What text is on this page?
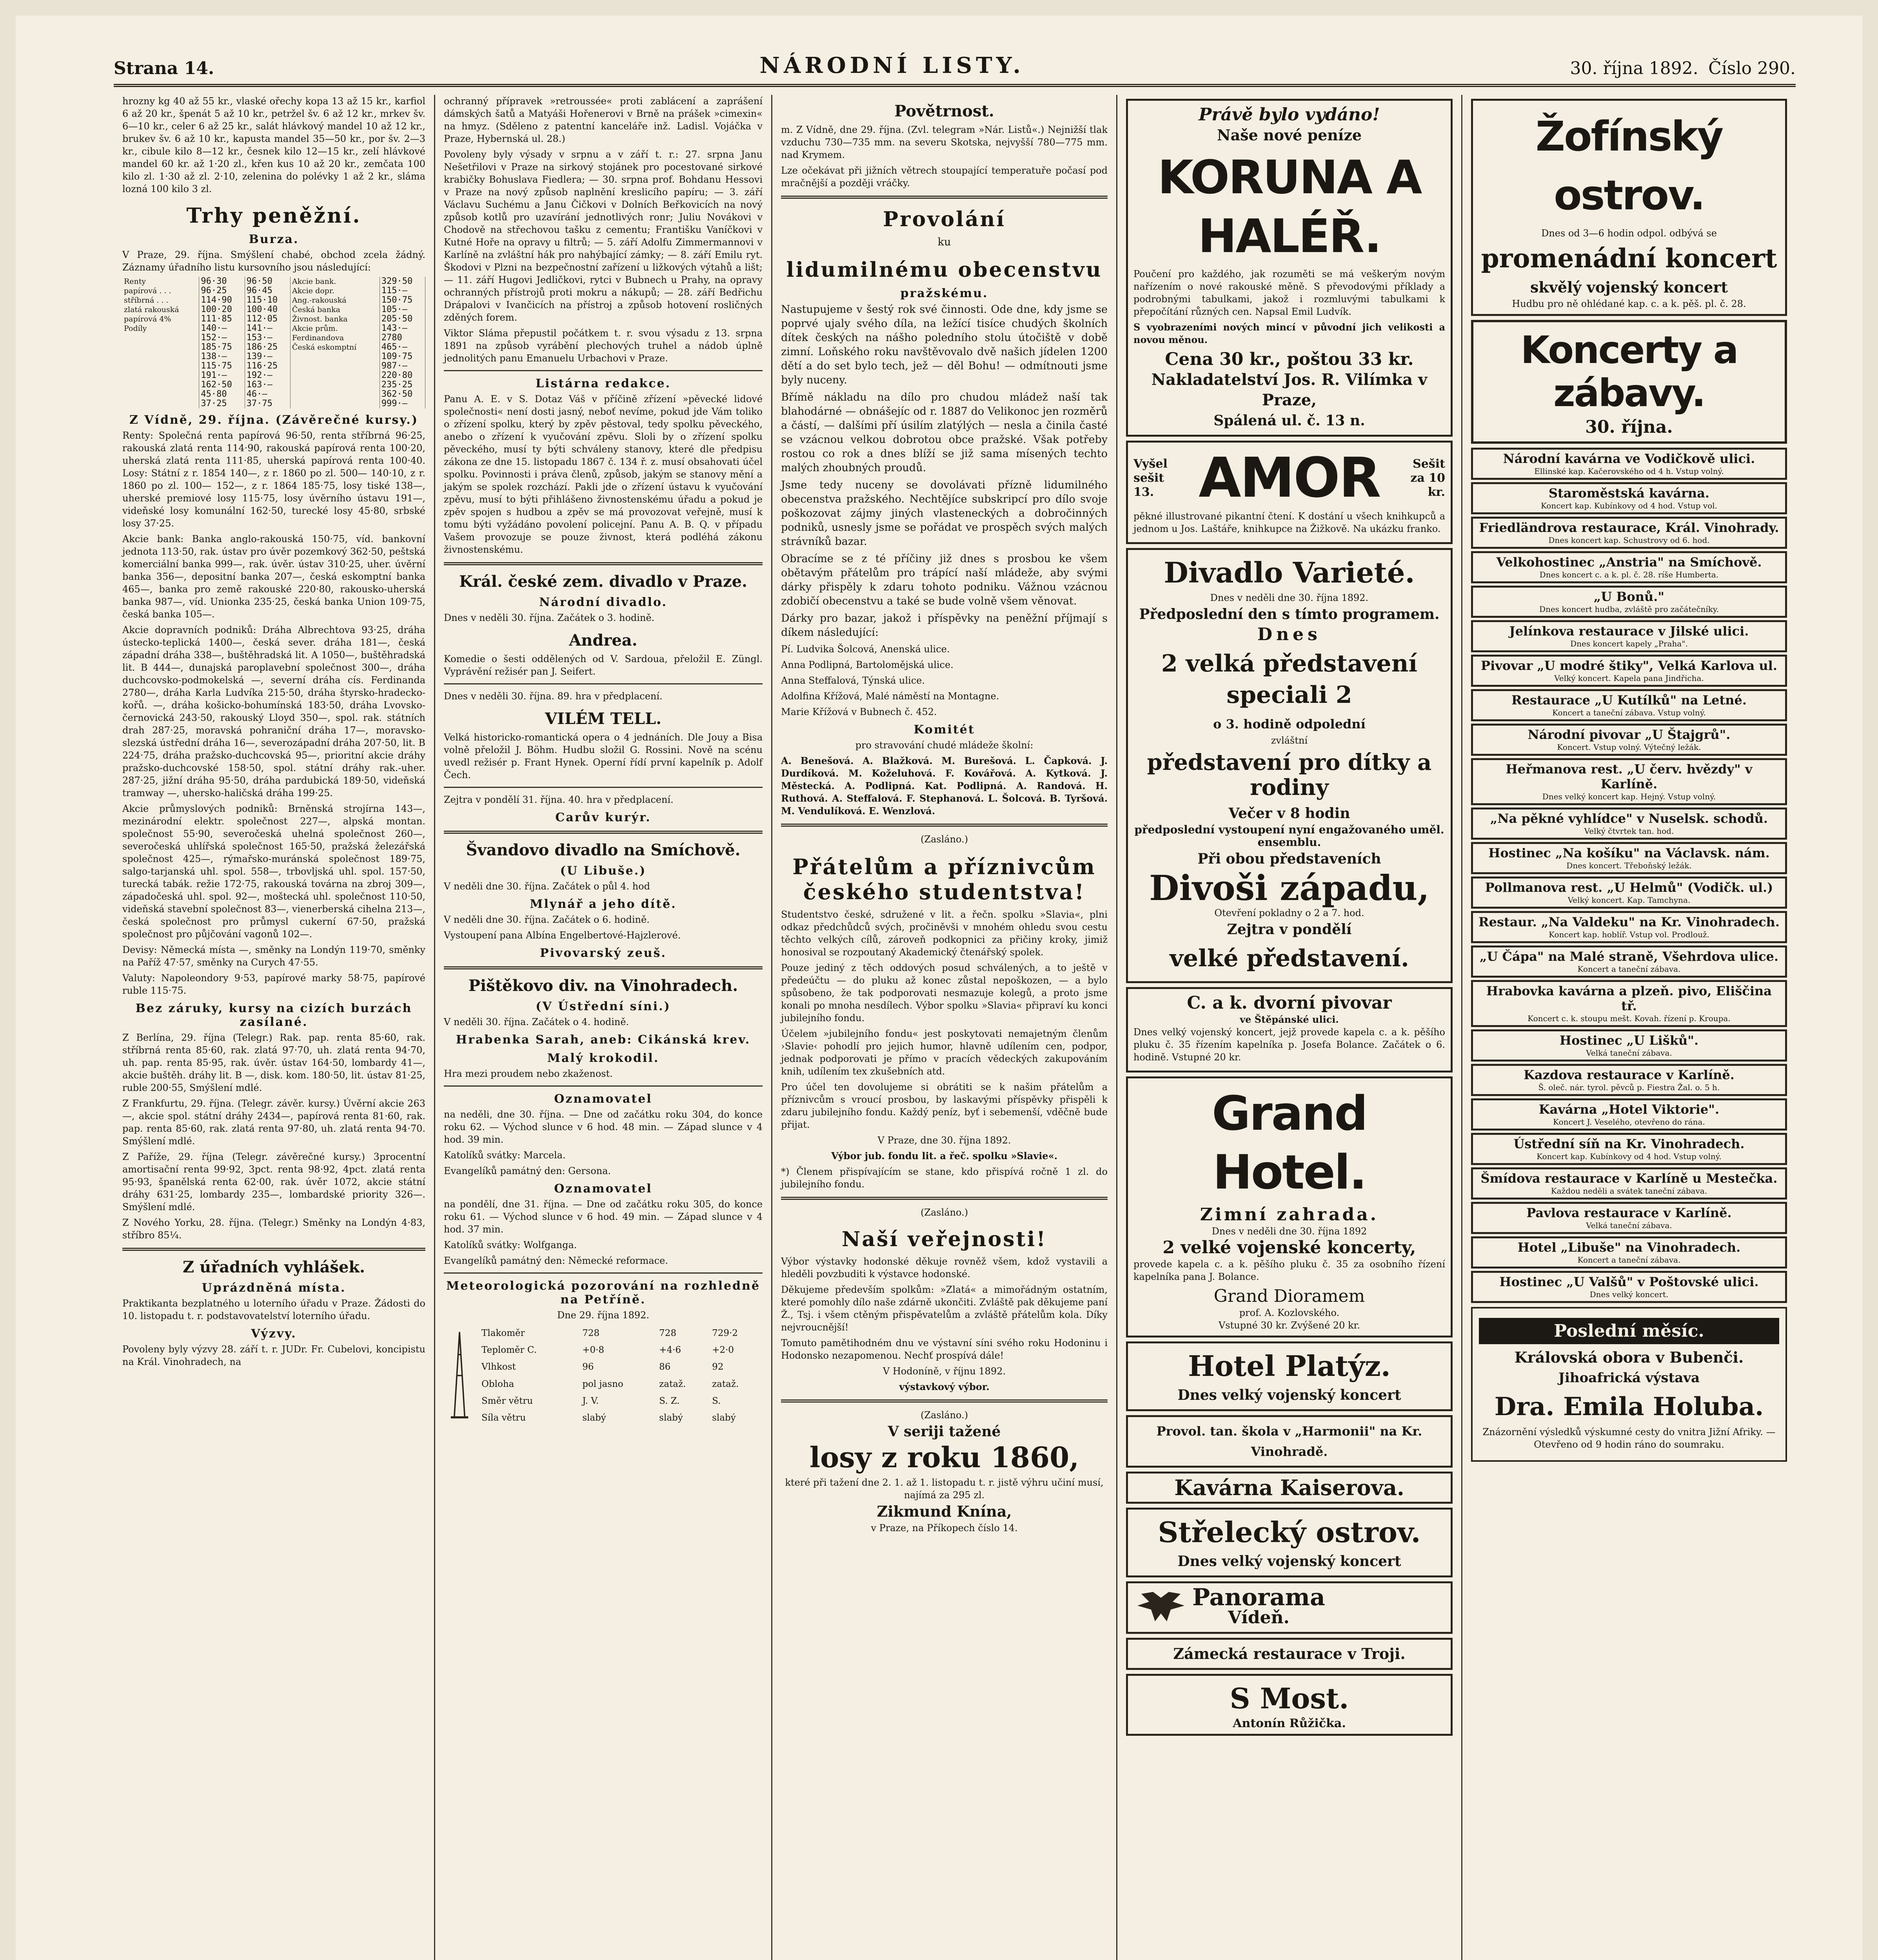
Strana 14.	NÁRODNÍ LISTY.	30. října 1892. Číslo 290.

hrozny kg 40 až 55 kr., vlaské ořechy kopa 13 až 15 kr., karfiol 6 až 20 kr., špenát 5 až 10 kr., petržel šv. 6 až 12 kr., mrkev šv. 6—10 kr., celer 6 až 25 kr., salát hlávkový mandel 10 až 12 kr., brukev šv. 6 až 10 kr., kapusta mandel 35—50 kr., por šv. 2—3 kr., cibule kilo 8—12 kr., česnek kilo 12—15 kr., zelí hlávkové mandel 60 kr. až 1·20 zl., křen kus 10 až 20 kr., zemčata 100 kilo zl. 1·30 až zl. 2·10, zelenina do polévky 1 až 2 kr., sláma lozná 100 kilo 3 zl.

Trhy peněžní.
Burza.

V Praze, 29. října. Smýšlení chabé, obchod zcela žádný. Záznamy úřadního listu kursovního jsou následující:

Renty	96·30	96·50	Akcie bank.	329·50
papírová . . .	96·25	96·45	Akcie dopr.	115·—
stříbrná . . .	114·90	115·10	Ang.-rakouská	150·75
zlatá rakouská	100·20	100·40	Česká banka	105·—
papírová 4%	111·85	112·05	Živnost. banka	205·50
Podíly	140·—	141·—	Akcie prům.	143·—
	152·—	153·—	Ferdinandova	2780
	185·75	186·25	Česká eskomptní	465·—
	138·—	139·—		109·75
	115·75	116·25		987·—
	191·—	192·—		220·80
	162·50	163·—		235·25
	45·80	46·—		362·50
	37·25	37·75		999·—
Z Vídně, 29. října. (Závěrečné kursy.)

Renty: Společná renta papírová 96·50, renta stříbrná 96·25, rakouská zlatá renta 114·90, rakouská papírová renta 100·20, uherská zlatá renta 111·85, uherská papírová renta 100·40. Losy: Státní z r. 1854 140—, z r. 1860 po zl. 500— 140·10, z r. 1860 po zl. 100— 152—, z r. 1864 185·75, losy tiské 138—, uherské premiové losy 115·75, losy úvěrního ústavu 191—, videňské losy komunální 162·50, turecké losy 45·80, srbské losy 37·25.

Akcie bank: Banka anglo-rakouská 150·75, víd. bankovní jednota 113·50, rak. ústav pro úvěr pozemkový 362·50, peštská komerciální banka 999—, rak. úvěr. ústav 310·25, uher. úvěrní banka 356—, depositní banka 207—, česká eskomptní banka 465—, banka pro země rakouské 220·80, rakousko-uherská banka 987—, víd. Unionka 235·25, česká banka Union 109·75, česká banka 105—.

Akcie dopravních podniků: Dráha Albrechtova 93·25, dráha ústecko-teplická 1400—, česká sever. dráha 181—, česká západní dráha 338—, buštěhradská lit. A 1050—, buštěhradská lit. B 444—, dunajská paroplavební společnost 300—, dráha duchcovsko-podmokelská —, severní dráha cís. Ferdinanda 2780—, dráha Karla Ludvíka 215·50, dráha štyrsko-hradecko-kořů. —, dráha košicko-bohumínská 183·50, dráha Lvovsko-černovická 243·50, rakouský Lloyd 350—, spol. rak. státních drah 287·25, moravská pohraniční dráha 17—, moravsko-slezská ústřední dráha 16—, severozápadní dráha 207·50, lit. B 224·75, dráha pražsko-duchcovská 95—, prioritní akcie dráhy pražsko-duchcovské 158·50, spol. státní dráhy rak.-uher. 287·25, jižní dráha 95·50, dráha pardubická 189·50, videňská tramway —, uhersko-haličská dráha 199·25.

Akcie průmyslových podniků: Brněnská strojírna 143—, mezinárodní elektr. společnost 227—, alpská montan. společnost 55·90, severočeská uhelná společnost 260—, severočeská uhlířská společnost 165·50, pražská železářská společnost 425—, rýmařsko-muránská společnost 189·75, salgo-tarjanská uhl. spol. 558—, trbovljská uhl. spol. 157·50, turecká tabák. režie 172·75, rakouská továrna na zbroj 309—, západočeská uhl. spol. 92—, moštecká uhl. společnost 110·50, videňská stavební společnost 83—, vienerberská cihelna 213—, česká společnost pro průmysl cukerní 67·50, pražská společnost pro půjčování vagonů 102—.

Devisy: Německá místa —, směnky na Londýn 119·70, směnky na Paříž 47·57, směnky na Curych 47·55.

Valuty: Napoleondory 9·53, papírové marky 58·75, papírové ruble 115·75.

Bez záruky, kursy na cizích burzách zasílané.

Z Berlína, 29. října (Telegr.) Rak. pap. renta 85·60, rak. stříbrná renta 85·60, rak. zlatá 97·70, uh. zlatá renta 94·70, uh. pap. renta 85·95, rak. úvěr. ústav 164·50, lombardy 41—, akcie buštěh. dráhy lit. B —, disk. kom. 180·50, lit. ústav 81·25, ruble 200·55, Smýšlení mdlé.

Z Frankfurtu, 29. října. (Telegr. závěr. kursy.) Úvěrní akcie 263—, akcie spol. státní dráhy 2434—, papírová renta 81·60, rak. pap. renta 85·60, rak. zlatá renta 97·80, uh. zlatá renta 94·70. Smýšlení mdlé.

Z Paříže, 29. října (Telegr. závěrečné kursy.) 3procentní amortisační renta 99·92, 3pct. renta 98·92, 4pct. zlatá renta 95·93, španělská renta 62·00, rak. úvěr 1072, akcie státní dráhy 631·25, lombardy 235—, lombardské priority 326—. Smýšlení mdlé.

Z Nového Yorku, 28. října. (Telegr.) Směnky na Londýn 4·83, stříbro 85¼.

Z úřadních vyhlášek.
Uprázdněná místa.

Praktikanta bezplatného u loterního úřadu v Praze. Žádosti do 10. listopadu t. r. podstavovatelství loterního úřadu.

Výzvy.

Povoleny byly výzvy 28. září t. r. JUDr. Fr. Cubelovi, koncipistu na Král. Vinohradech, na

ochranný přípravek »retroussée« proti zablácení a zaprášení dámských šatů a Matyáši Hořenerovi v Brně na prášek »cimexin« na hmyz. (Sděleno z patentní kanceláře inž. Ladisl. Vojáčka v Praze, Hybernská ul. 28.)

Povoleny byly výsady v srpnu a v září t. r.: 27. srpna Janu Nešetřilovi v Praze na sirkový stojánek pro pocestované sirkové krabičky Bohuslava Fiedlera; — 30. srpna prof. Bohdanu Hessovi v Praze na nový způsob naplnění kreslicího papíru; — 3. září Václavu Suchému a Janu Čičkovi v Dolních Beřkovicích na nový způsob kotlů pro uzavírání jednotlivých ronr; Juliu Novákovi v Chodově na střechovou tašku z cementu; Františku Vaníčkovi v Kutné Hoře na opravy u filtrů; — 5. září Adolfu Zimmermannovi v Karlíně na zvláštní hák pro nahýbající zámky; — 8. září Emilu ryt. Škodovi v Plzni na bezpečnostní zařízení u ližkových výtahů a lišt; — 11. září Hugovi Jedličkovi, rytci v Bubnech u Prahy, na opravy ochranných přístrojů proti mokru a nákupů; — 28. září Bedřichu Drápalovi v Ivančicích na přístroj a způsob hotovení rosličných zděných forem.

Viktor Sláma přepustil počátkem t. r. svou výsadu z 13. srpna 1891 na způsob vyrábění plechových truhel a nádob úplně jednolitých panu Emanuelu Urbachovi v Praze.

Listárna redakce.

Panu A. E. v S. Dotaz Váš v příčině zřízení »pěvecké lidové společnosti« není dosti jasný, neboť nevíme, pokud jde Vám toliko o zřízení spolku, který by zpěv pěstoval, tedy spolku pěveckého, anebo o zřízení k vyučování zpěvu. Sloli by o zřízení spolku pěveckého, musí ty býti schváleny stanovy, které dle předpisu zákona ze dne 15. listopadu 1867 č. 134 ř. z. musí obsahovati účel spolku. Povinnosti i práva členů, způsob, jakým se stanovy mění a jakým se spolek rozchází. Pakli jde o zřízení ústavu k vyučování zpěvu, musí to býti přihlášeno živnostenskému úřadu a pokud je zpěv spojen s hudbou a zpěv se má provozovat veřejně, musí k tomu býti vyžádáno povolení policejní. Panu A. B. Q. v případu Vašem provozuje se pouze živnost, která podléhá zákonu živnostenskému.

Král. české zem. divadlo v Praze.
Národní divadlo.

Dnes v neděli 30. října. Začátek o 3. hodině.

Andrea.

Komedie o šesti oddělených od V. Sardoua, přeložil E. Züngl. Vyprávění režisér pan J. Seifert.

Dnes v neděli 30. října. 89. hra v předplacení.

VILÉM TELL.

Velká historicko-romantická opera o 4 jednáních. Dle Jouy a Bisa volně přeložil J. Böhm. Hudbu složil G. Rossini. Nově na scénu uvedl režisér p. Frant Hynek. Operní řídí první kapelník p. Adolf Čech.

Zejtra v pondělí 31. října. 40. hra v předplacení.

Carův kurýr.
Švandovo divadlo na Smíchově.
(U Libuše.)

V neděli dne 30. října. Začátek o půl 4. hod

Mlynář a jeho dítě.

V neděli dne 30. října. Začátek o 6. hodině.

Vystoupení pana Albína Engelbertové-Hajzlerové.

Pivovarský zeuš.
Pištěkovo div. na Vinohradech.
(V Ústřední síni.)

V neděli 30. října. Začátek o 4. hodině.

Hrabenka Sarah, aneb: Cikánská krev.
Malý krokodil.

Hra mezi proudem nebo zkaženost.

Oznamovatel

na neděli, dne 30. října. — Dne od začátku roku 304, do konce roku 62. — Východ slunce v 6 hod. 48 min. — Západ slunce v 4 hod. 39 min.

Katolíků svátky: Marcela.

Evangelíků památný den: Gersona.

Oznamovatel

na pondělí, dne 31. října. — Dne od začátku roku 305, do konce roku 61. — Východ slunce v 6 hod. 49 min. — Západ slunce v 4 hod. 37 min.

Katolíků svátky: Wolfganga.

Evangelíků památný den: Německé reformace.

Meteorologická pozorování na rozhledně na Petříně.

Dne 29. října 1892.

Tlakoměr	728	728	729·2
Teploměr C.	+0·8	+4·6	+2·0
Vlhkost	96	86	92
Obloha	pol jasno	zataž.	zataž.
Směr větru	J. V.	S. Z.	S.
Síla větru	slabý	slabý	slabý
Povětrnost.

m. Z Vídně, dne 29. října. (Zvl. telegram »Nár. Listů«.) Nejnižší tlak vzduchu 730—735 mm. na severu Skotska, nejvyšší 780—775 mm. nad Krymem.

Lze očekávat při jižních větrech stoupající temperatuře počasí pod mračnější a později vráčky.

Provolání

ku

lidumilnému obecenstvu
pražskému.

Nastupujeme v šestý rok své činnosti. Ode dne, kdy jsme se poprvé ujaly svého díla, na ležící tisíce chudých školních dítek českých na nášho poledního stolu útočiště v době zimní. Loňského roku navštěvovalo dvě našich jídelen 1200 dětí a do set bylo tech, jež — děl Bohu! — odmítnouti jsme byly nuceny.

Břímě nákladu na dílo pro chudou mládež naší tak blahodárné — obnášejíc od r. 1887 do Velikonoc jen rozměrů a částí, — dalšími pří úsilím zlatýlých — nesla a činila časté se vzácnou velkou dobrotou obce pražské. Však potřeby rostou co rok a dnes blíží se již sama mísených techto malých zhoubných proudů.

Jsme tedy nuceny se dovolávati přízně lidumilného obecenstva pražského. Nechtějíce subskripcí pro dílo svoje poškozovat zájmy jiných vlasteneckých a dobročinných podniků, usnesly jsme se pořádat ve prospěch svých malých strávníků bazar.

Obracíme se z té příčiny již dnes s prosbou ke všem obětavým přátelům pro trápící naší mládeže, aby svými dárky přispěly k zdaru tohoto podniku. Vážnou vzácnou zdobičí obecenstvu a také se bude volně všem věnovat.

Dárky pro bazar, jakož i příspěvky na peněžní příjmají s díkem následující:

Pí. Ludvika Šolcová, Anenská ulice.

Anna Podlipná, Bartolomějská ulice.

Anna Steffalová, Týnská ulice.

Adolfina Křížová, Malé náměstí na Montagne.

Marie Křížová v Bubnech č. 452.

Komitét

pro stravování chudé mládeže školní:

A. Benešová. A. Blažková. M. Burešová. L. Čapková. J. Durdíková. M. Koželuhová. F. Kovářová. A. Kytková. J. Městecká. A. Podlipná. Kat. Podlipná. A. Randová. H. Ruthová. A. Steffalová. F. Stephanová. L. Šolcová. B. Tyršová. M. Vendulíková. E. Wenzlová.

(Zasláno.)

Přátelům a příznivcům českého studentstva!

Studentstvo české, sdružené v lit. a řečn. spolku »Slavia«, plni odkaz předchůdců svých, pročiněvši v mnohém ohledu svou cestu těchto velkých cílů, zároveň podkopnici za přičiny kroky, jimiž honosival se rozpoutaný Akademický čtenářský spolek.

Pouze jediný z těch oddových posud schválených, a to ještě v předeúčtu — do pluku až konec zůstal nepoškozen, — a bylo spůsobeno, že tak podporovati nesmazuje kolegů, a proto jsme konali po mnoha nesdílech. Výbor spolku »Slavia« připraví ku konci jubilejního fondu.

Účelem »jubilejního fondu« jest poskytovati nemajetným členům ›Slavie‹ pohodlí pro jejich humor, hlavně udílením cen, podpor, jednak podporovati je přímo v pracích vědeckých zakupováním knih, udílením tex zkušebních atd.

Pro účel ten dovolujeme si obrátiti se k našim přátelům a příznivcům s vroucí prosbou, by laskavými příspěvky přispěli k zdaru jubilejního fondu. Každý peníz, byť i sebemenší, vděčně bude přijat.

V Praze, dne 30. října 1892.

Výbor jub. fondu lit. a řeč. spolku »Slavie«.

*) Členem přispívajícím se stane, kdo přispívá ročně 1 zl. do jubilejního fondu.

(Zasláno.)

Naší veřejnosti!

Výbor výstavky hodonské děkuje rovněž všem, kdož vystavili a hleděli povzbuditi k výstavce hodonské.

Děkujeme především spolkům: »Zlatá« a mimořádným ostatním, které pomohly dílo naše zdárně ukončiti. Zvláště pak děkujeme paní Ž., Tsj. i všem ctěným přispěvatelům a zvláště přátelům kola. Díky nejvroucnější!

Tomuto pamětihodném dnu ve výstavní síni svého roku Hodoninu i Hodonsko nezapomenou. Nechť prospívá dále!

V Hodoníně, v říjnu 1892.

výstavkový výbor.

(Zasláno.)

V seriji tažené

losy z roku 1860,

které při tažení dne 2. 1. až 1. listopadu t. r. jistě výhru učiní musí, najímá za 295 zl.

Zikmund Knína,

v Praze, na Příkopech číslo 14.

Právě bylo vydáno!
Naše nové peníze
KORUNA A HALÉŘ.

Poučení pro každého, jak rozuměti se má veškerým novým nařízením o nové rakouské měně. S převodovými příklady a podrobnými tabulkami, jakož i rozmluvými tabulkami k přepočítání různých cen. Napsal Emil Ludvík.

S vyobrazeními nových mincí v původní jich velikosti a novou měnou.

Cena 30 kr., poštou 33 kr.
Nakladatelství Jos. R. Vilímka v Praze,
Spálená ul. č. 13 n.
Vyšel sešit 13. AMOR	Sešit za 10 kr.

pěkné illustrované pikantní čtení. K dostání u všech knihkupců a jednom u Jos. Laštáře, knihkupce na Žižkově. Na ukázku franko.

Divadlo Varieté.

Dnes v neděli dne 30. října 1892.

Předposlední den s tímto programem.
Dnes
2 velká představení speciali 2
o 3. hodině odpolední

zvláštní

představení pro dítky a rodiny
Večer v 8 hodin

předposlední vystoupení nyní engažovaného uměl. ensemblu.

Při obou představeních
Divoši západu,

Otevření pokladny o 2 a 7. hod.

Zejtra v pondělí
velké představení.
C. a k. dvorní pivovar

ve Štěpánské ulici.

Dnes velký vojenský koncert, jejž provede kapela c. a k. pěšího pluku č. 35 řízením kapelníka p. Josefa Bolance. Začátek o 6. hodině. Vstupné 20 kr.

Grand Hotel.
Zimní zahrada.

Dnes v neděli dne 30. října 1892

2 velké vojenské koncerty,

provede kapela c. a k. pěšího pluku č. 35 za osobního řízení kapelníka pana J. Bolance.

Grand Dioramem

prof. A. Kozlovského.

Vstupné 30 kr. Zvýšené 20 kr.

Hotel Platýz.
Dnes velký vojenský koncert
Provol. tan. škola v „Harmonii" na Kr. Vinohradě.
Kavárna Kaiserova.
Střelecký ostrov.
Dnes velký vojenský koncert
Panorama
Vídeň.
Zámecká restaurace v Troji.
S Most.

Antonín Růžička.

Žofínský ostrov.

Dnes od 3—6 hodin odpol. odbývá se

promenádní koncert
skvělý vojenský koncert

Hudbu pro ně ohlédané kap. c. a k. pěš. pl. č. 28.

Koncerty a zábavy.
30. října.
Národní kavárna ve Vodičkově ulici.

Ellinské kap. Kačerovského od 4 h. Vstup volný.

Staroměstská kavárna.

Koncert kap. Kubínkovy od 4 hod. Vstup vol.

Friedländrova restaurace, Král. Vinohrady.

Dnes koncert kap. Schustrovy od 6. hod.

Velkohostinec „Anstria" na Smíchově.

Dnes koncert c. a k. pl. č. 28. ríše Humberta.

„U Bonů."

Dnes koncert hudba, zvláště pro začátečníky.

Jelínkova restaurace v Jilské ulici.

Dnes koncert kapely „Praha".

Pivovar „U modré štiky", Velká Karlova ul.

Velký koncert. Kapela pana Jindřicha.

Restaurace „U Kutílků" na Letné.

Koncert a taneční zábava. Vstup volný.

Národní pivovar „U Štajgrů".

Koncert. Vstup volný. Výtečný ležák.

Heřmanova rest. „U červ. hvězdy" v Karlíně.

Dnes velký koncert kap. Hejný. Vstup volný.

„Na pěkné vyhlídce" v Nuselsk. schodů.

Velký čtvrtek tan. hod.

Hostinec „Na košíku" na Václavsk. nám.

Dnes koncert. Třeboňský ležák.

Pollmanova rest. „U Helmů" (Vodičk. ul.)

Velký koncert. Kap. Tamchyna.

Restaur. „Na Valdeku" na Kr. Vinohradech.

Koncert kap. hoblíř. Vstup vol. Prodlouž.

„U Čápa" na Malé straně, Všehrdova ulice.

Koncert a taneční zábava.

Hrabovka kavárna a plzeň. pivo, Eliščina tř.

Koncert c. k. stoupu mešt. Kovah. řízení p. Kroupa.

Hostinec „U Lišků".

Velká taneční zábava.

Kazdova restaurace v Karlíně.

Š. oleč. nár. tyrol. pěvců p. Fiestra Žal. o. 5 h.

Kavárna „Hotel Viktorie".

Koncert J. Veselého, otevřeno do rána.

Ústřední síň na Kr. Vinohradech.

Koncert kap. Kubínkovy od 4 hod. Vstup volný.

Šmídova restaurace v Karlíně u Mestečka.

Každou neděli a svátek taneční zábava.

Pavlova restaurace v Karlíně.

Velká taneční zábava.

Hotel „Libuše" na Vinohradech.

Koncert a taneční zábava.

Hostinec „U Valšů" v Poštovské ulici.

Dnes velký koncert.

Poslední měsíc.
Královská obora v Bubenči.
Jihoafrická výstava
Dra. Emila Holuba.

Znázornění výsledků výskumné cesty do vnitra Jižní Afriky. — Otevřeno od 9 hodin ráno do soumraku.
